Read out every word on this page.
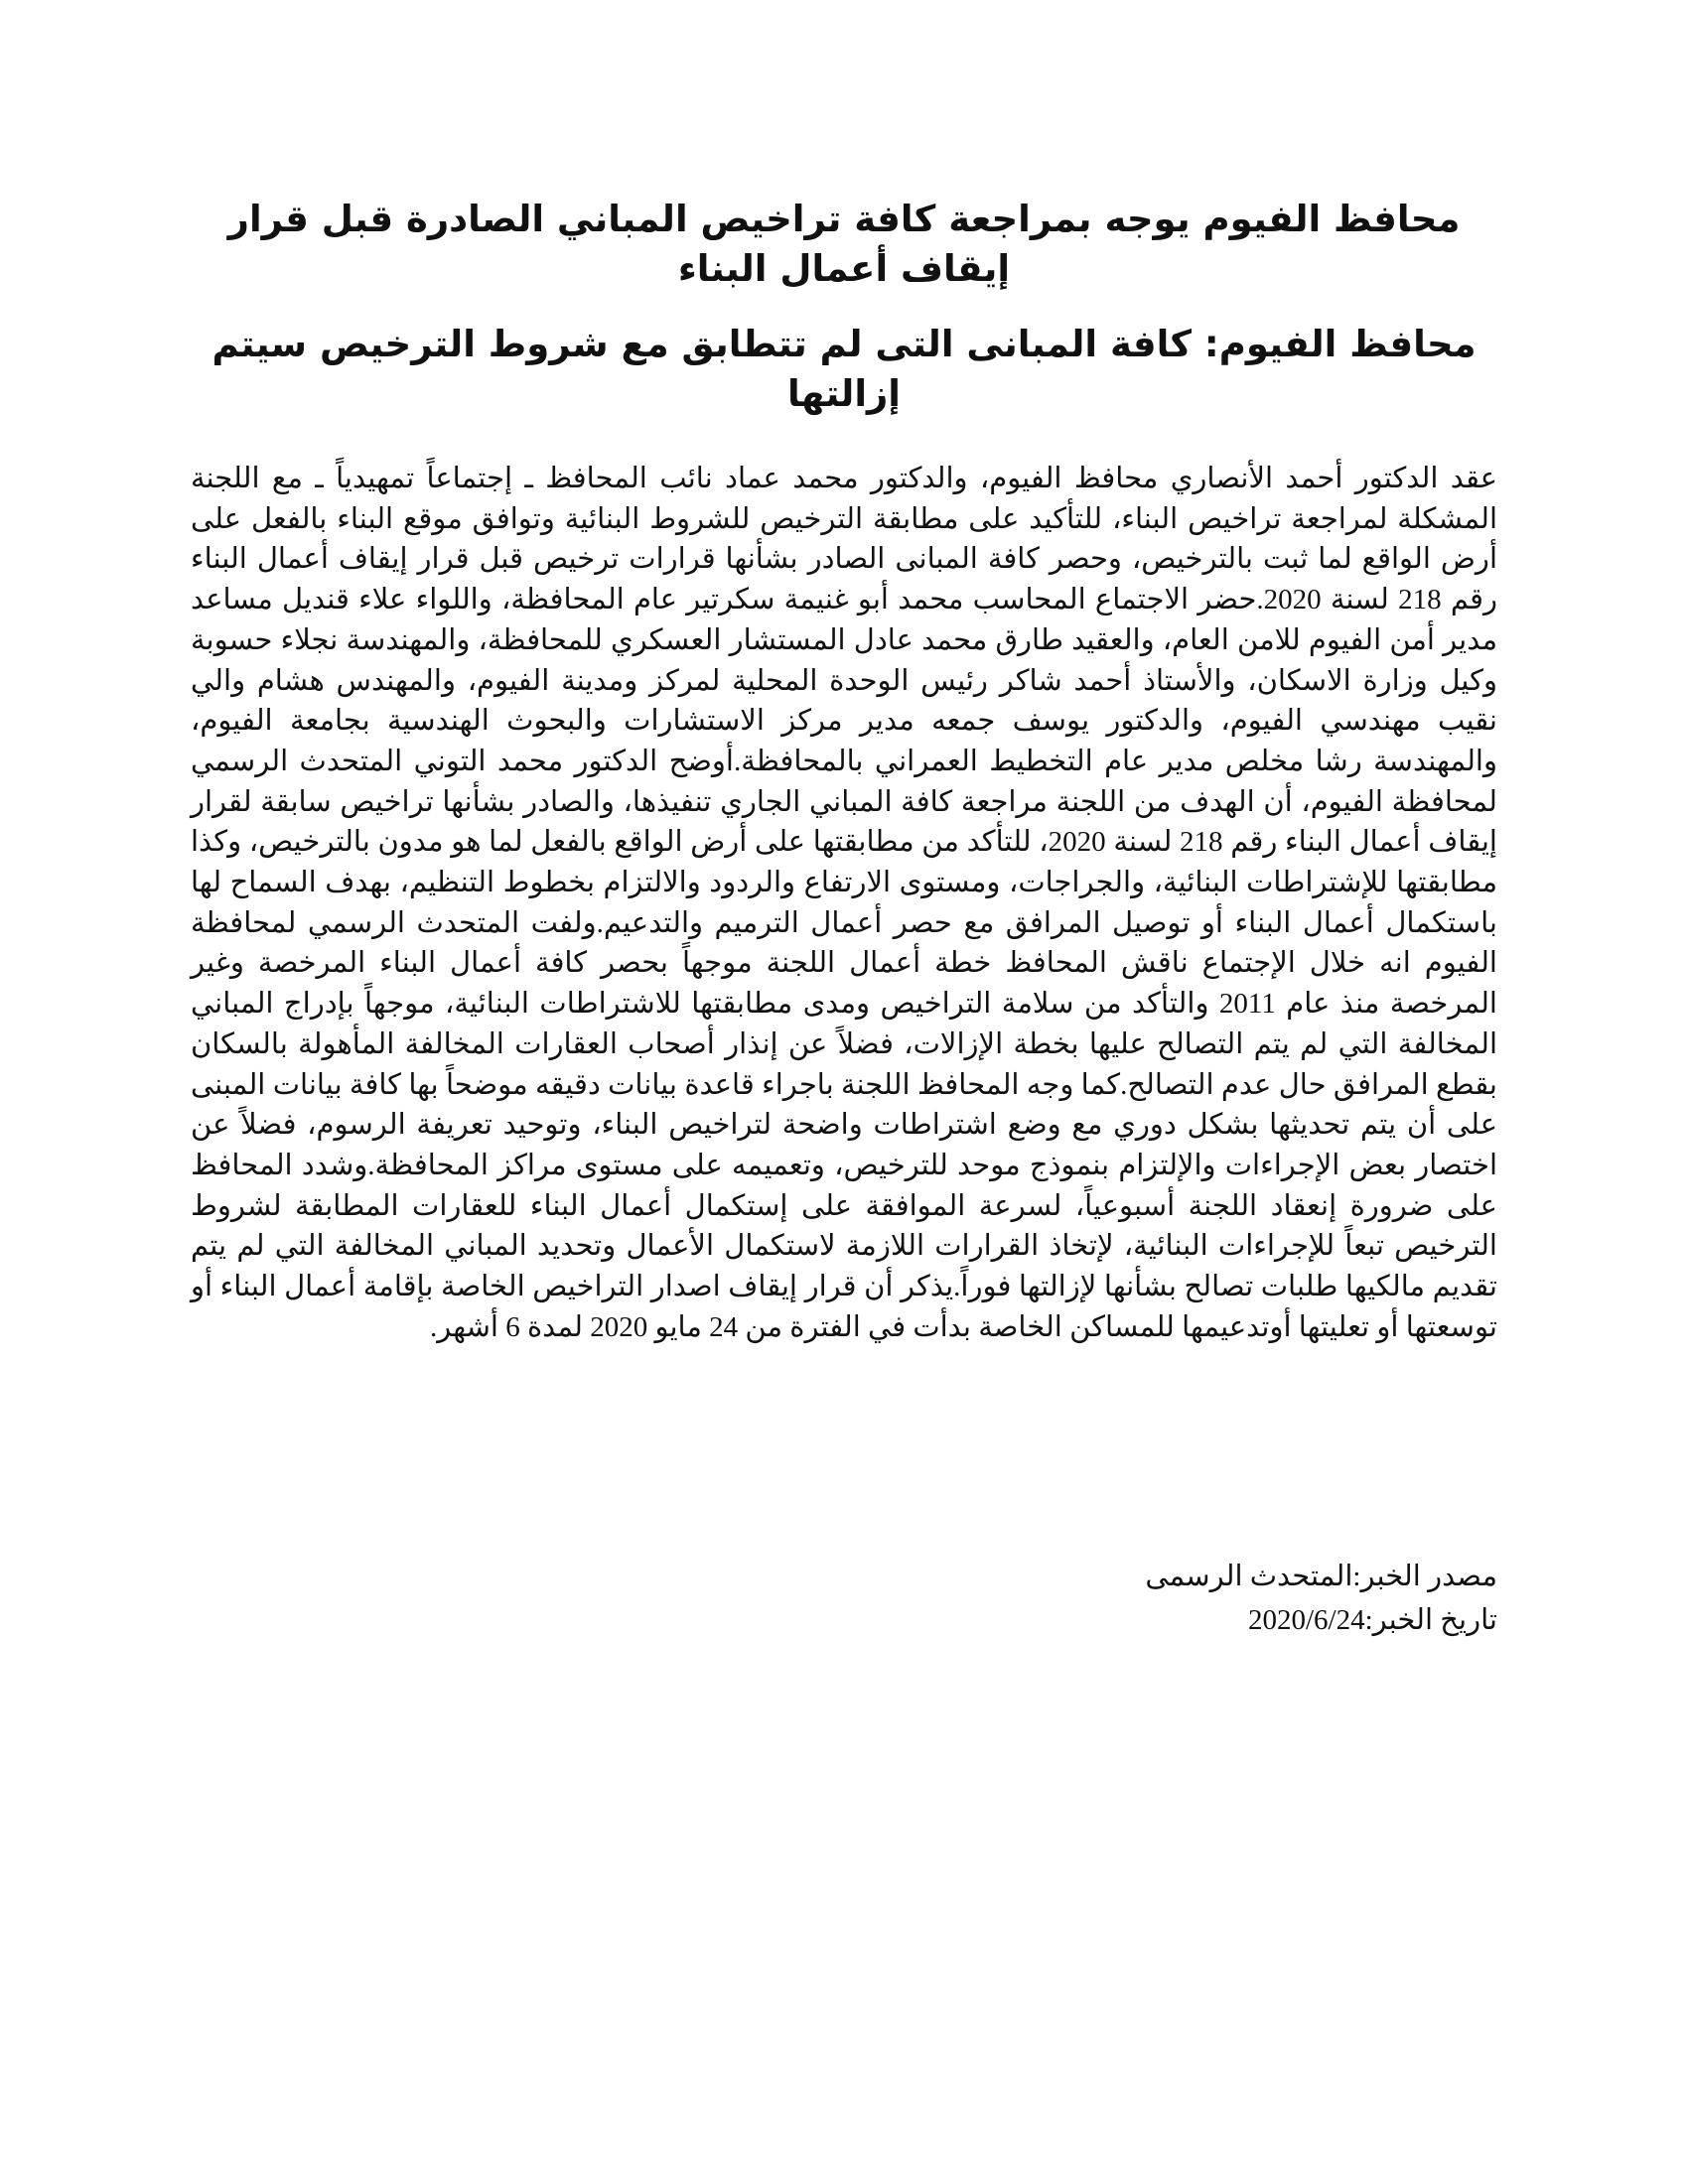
محافظ الفيوم يوجه بمراجعة كافة تراخيص المباني الصادرة قبل قرار إيقاف أعمال البناء
محافظ الفيوم: كافة المبانى التى لم تتطابق مع شروط الترخيص سيتم إزالتها

عقد الدكتور أحمد الأنصاري محافظ الفيوم، والدكتور محمد عماد نائب المحافظ ـ إجتماعاً تمهيدياً ـ مع اللجنة المشكلة لمراجعة تراخيص البناء، للتأكيد على مطابقة الترخيص للشروط البنائية وتوافق موقع البناء بالفعل على أرض الواقع لما ثبت بالترخيص، وحصر كافة المبانى الصادر بشأنها قرارات ترخيص قبل قرار إيقاف أعمال البناء رقم 218 لسنة 2020.حضر الاجتماع المحاسب محمد أبو غنيمة سكرتير عام المحافظة، واللواء علاء قنديل مساعد مدير أمن الفيوم للامن العام، والعقيد طارق محمد عادل المستشار العسكري للمحافظة، والمهندسة نجلاء حسوبة وكيل وزارة الاسكان، والأستاذ أحمد شاكر رئيس الوحدة المحلية لمركز ومدينة الفيوم، والمهندس هشام والي نقيب مهندسي الفيوم، والدكتور يوسف جمعه مدير مركز الاستشارات والبحوث الهندسية بجامعة الفيوم، والمهندسة رشا مخلص مدير عام التخطيط العمراني بالمحافظة.أوضح الدكتور محمد التوني المتحدث الرسمي لمحافظة الفيوم، أن الهدف من اللجنة مراجعة كافة المباني الجاري تنفيذها، والصادر بشأنها تراخيص سابقة لقرار إيقاف أعمال البناء رقم 218 لسنة 2020، للتأكد من مطابقتها على أرض الواقع بالفعل لما هو مدون بالترخيص، وكذا مطابقتها للإشتراطات البنائية، والجراجات، ومستوى الارتفاع والردود والالتزام بخطوط التنظيم، بهدف السماح لها باستكمال أعمال البناء أو توصيل المرافق مع حصر أعمال الترميم والتدعيم.ولفت المتحدث الرسمي لمحافظة الفيوم انه خلال الإجتماع ناقش المحافظ خطة أعمال اللجنة موجهاً بحصر كافة أعمال البناء المرخصة وغير المرخصة منذ عام 2011 والتأكد من سلامة التراخيص ومدى مطابقتها للاشتراطات البنائية، موجهاً بإدراج المباني المخالفة التي لم يتم التصالح عليها بخطة الإزالات، فضلاً عن إنذار أصحاب العقارات المخالفة المأهولة بالسكان بقطع المرافق حال عدم التصالح.كما وجه المحافظ اللجنة باجراء قاعدة بيانات دقيقه موضحاً بها كافة بيانات المبنى على أن يتم تحديثها بشكل دوري مع وضع اشتراطات واضحة لتراخيص البناء، وتوحيد تعريفة الرسوم، فضلاً عن اختصار بعض الإجراءات والإلتزام بنموذج موحد للترخيص، وتعميمه على مستوى مراكز المحافظة.وشدد المحافظ على ضرورة إنعقاد اللجنة أسبوعياً، لسرعة الموافقة على إستكمال أعمال البناء للعقارات المطابقة لشروط الترخيص تبعاً للإجراءات البنائية، لإتخاذ القرارات اللازمة لاستكمال الأعمال وتحديد المباني المخالفة التي لم يتم تقديم مالكيها طلبات تصالح بشأنها لإزالتها فوراً.يذكر أن قرار إيقاف اصدار التراخيص الخاصة بإقامة أعمال البناء أو توسعتها أو تعليتها أوتدعيمها للمساكن الخاصة بدأت في الفترة من 24 مايو 2020 لمدة 6 أشهر.

مصدر الخبر:المتحدث الرسمى

تاريخ الخبر:2020/6/24
